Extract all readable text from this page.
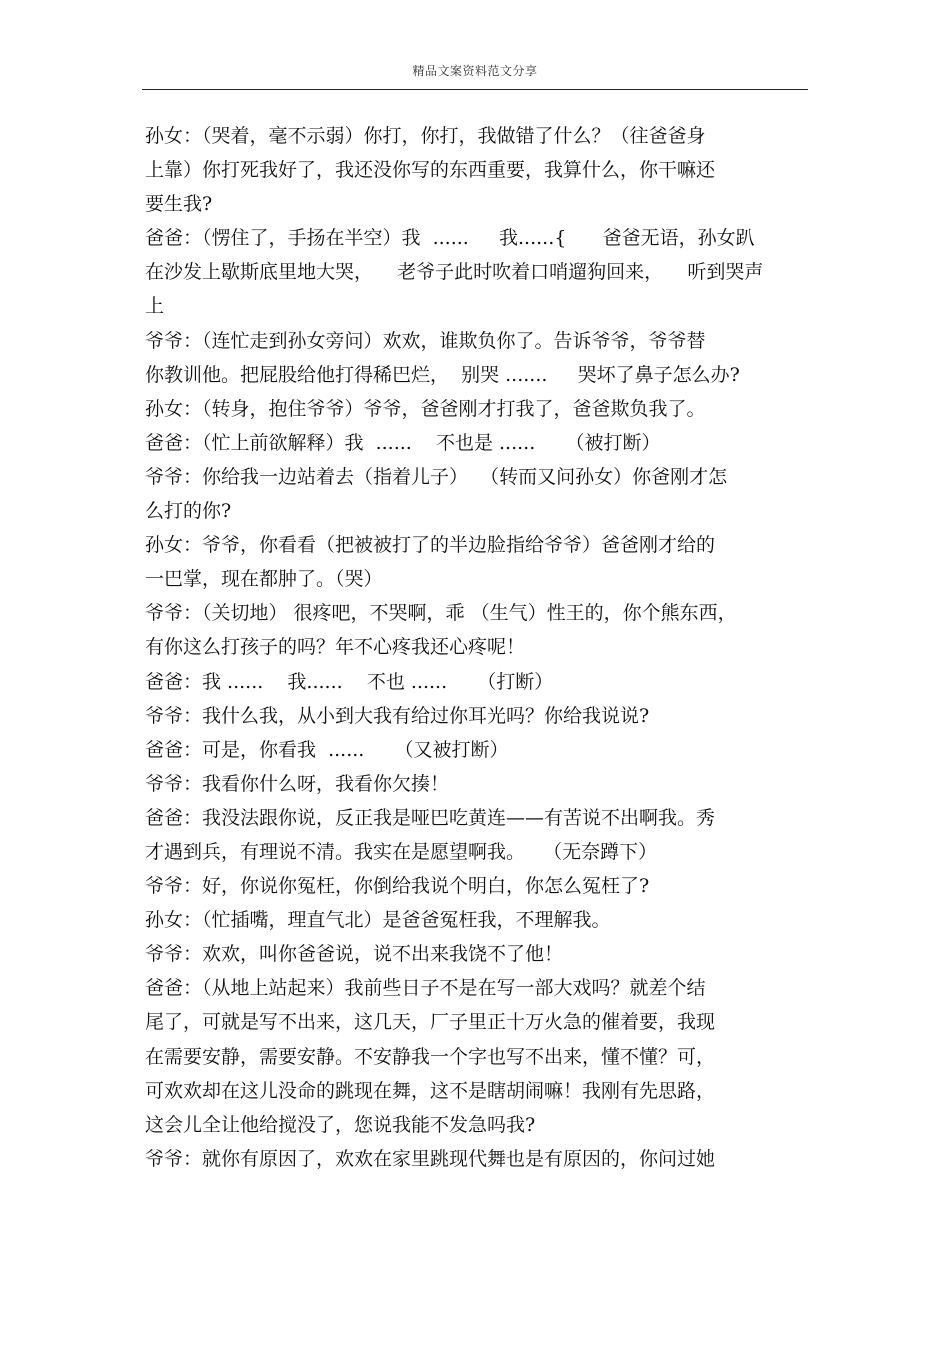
精品文案资料范文分享
孙女：（哭着，毫不示弱）你打，你打，我做错了什么？（往爸爸身
上靠）你打死我好了，我还没你写的东西重要，我算什么，你干嘛还
要生我?
爸爸：（愣住了，手扬在半空）我  ......     我......{      爸爸无语，孙女趴
在沙发上歇斯底里地大哭，    老爷子此时吹着口哨遛狗回来，    听到哭声
上
爷爷：（连忙走到孙女旁问）欢欢，谁欺负你了。告诉爷爷，爷爷替
你教训他。把屁股给他打得稀巴烂，  别哭 .......     哭坏了鼻子怎么办?
孙女：（转身，抱住爷爷）爷爷，爸爸刚才打我了，爸爸欺负我了。
爸爸：（忙上前欲解释）我  ......    不也是 ......     （被打断）
爷爷：你给我一边站着去（指着儿子）  （转而又问孙女）你爸刚才怎
么打的你?
孙女：爷爷，你看看（把被被打了的半边脸指给爷爷）爸爸刚才给的
一巴掌，现在都肿了。（哭）
爷爷：（关切地） 很疼吧，不哭啊，乖 （生气）性王的，你个熊东西，
有你这么打孩子的吗？年不心疼我还心疼呢！
爸爸：我 ......    我......    不也 ......     （打断）
爷爷：我什么我，从小到大我有给过你耳光吗？你给我说说?
爸爸：可是，你看我  ......     （又被打断）
爷爷：我看你什么呀，我看你欠揍！
爸爸：我没法跟你说，反正我是哑巴吃黄连——有苦说不出啊我。秀
才遇到兵，有理说不清。我实在是愿望啊我。   （无奈蹲下）
爷爷：好，你说你冤枉，你倒给我说个明白，你怎么冤枉了?
孙女：（忙插嘴，理直气北）是爸爸冤枉我，不理解我。
爷爷：欢欢，叫你爸爸说，说不出来我饶不了他！
爸爸：（从地上站起来）我前些日子不是在写一部大戏吗？就差个结
尾了，可就是写不出来，这几天，厂子里正十万火急的催着要，我现
在需要安静，需要安静。不安静我一个字也写不出来，懂不懂？可，
可欢欢却在这儿没命的跳现在舞，这不是瞎胡闹嘛！我刚有先思路，
这会儿全让他给搅没了，您说我能不发急吗我?
爷爷：就你有原因了，欢欢在家里跳现代舞也是有原因的，你问过她
